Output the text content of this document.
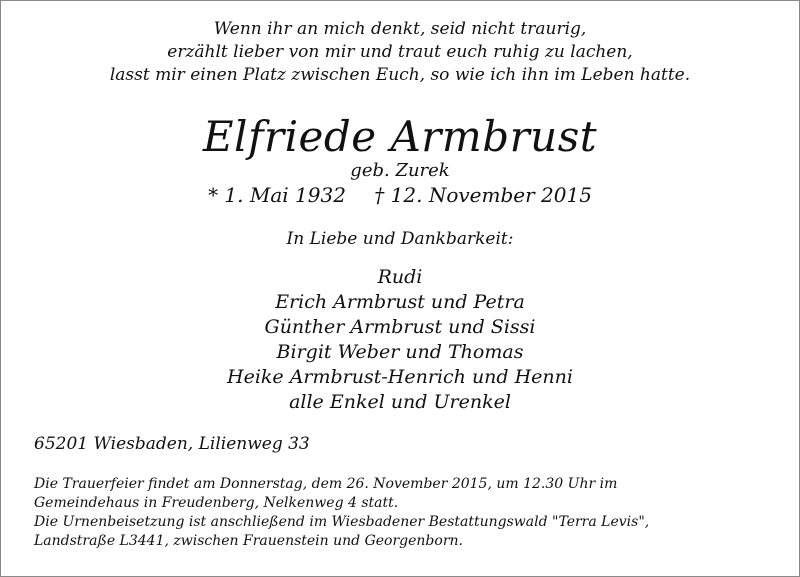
Wenn ihr an mich denkt, seid nicht traurig,
erzählt lieber von mir und traut euch ruhig zu lachen,
lasst mir einen Platz zwischen Euch, so wie ich ihn im Leben hatte.
Elfriede Armbrust
geb. Zurek
* 1. Mai 1932 † 12. November 2015
In Liebe und Dankbarkeit:
Rudi
Erich Armbrust und Petra
Günther Armbrust und Sissi
Birgit Weber und Thomas
Heike Armbrust-Henrich und Henni
alle Enkel und Urenkel
65201 Wiesbaden, Lilienweg 33
Die Trauerfeier findet am Donnerstag, dem 26. November 2015, um 12.30 Uhr im
Gemeindehaus in Freudenberg, Nelkenweg 4 statt.
Die Urnenbeisetzung ist anschließend im Wiesbadener Bestattungswald "Terra Levis",
Landstraße L3441, zwischen Frauenstein und Georgenborn.
